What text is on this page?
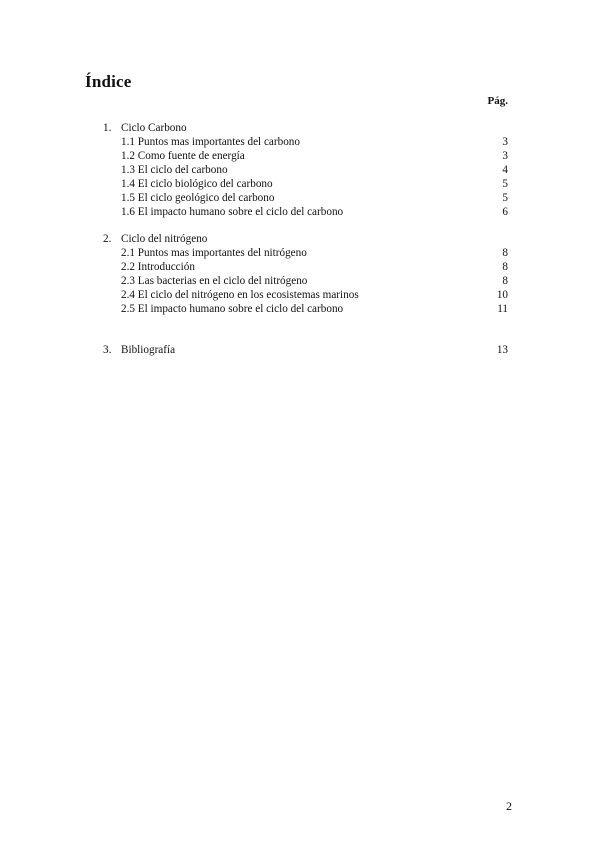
Índice
Pág.
1. Ciclo Carbono
1.1 Puntos mas importantes del carbono	3
1.2 Como fuente de energía	3
1.3 El ciclo del carbono	4
1.4 El ciclo biológico del carbono	5
1.5 El ciclo geológico del carbono	5
1.6 El impacto humano sobre el ciclo del carbono	6
2. Ciclo del nitrógeno
2.1 Puntos mas importantes del nitrógeno	8
2.2 Introducción	8
2.3 Las bacterias en el ciclo del nitrógeno	8
2.4 El ciclo del nitrógeno en los ecosistemas marinos	10
2.5 El impacto humano sobre el ciclo del carbono	11
3. Bibliografía	13
2
